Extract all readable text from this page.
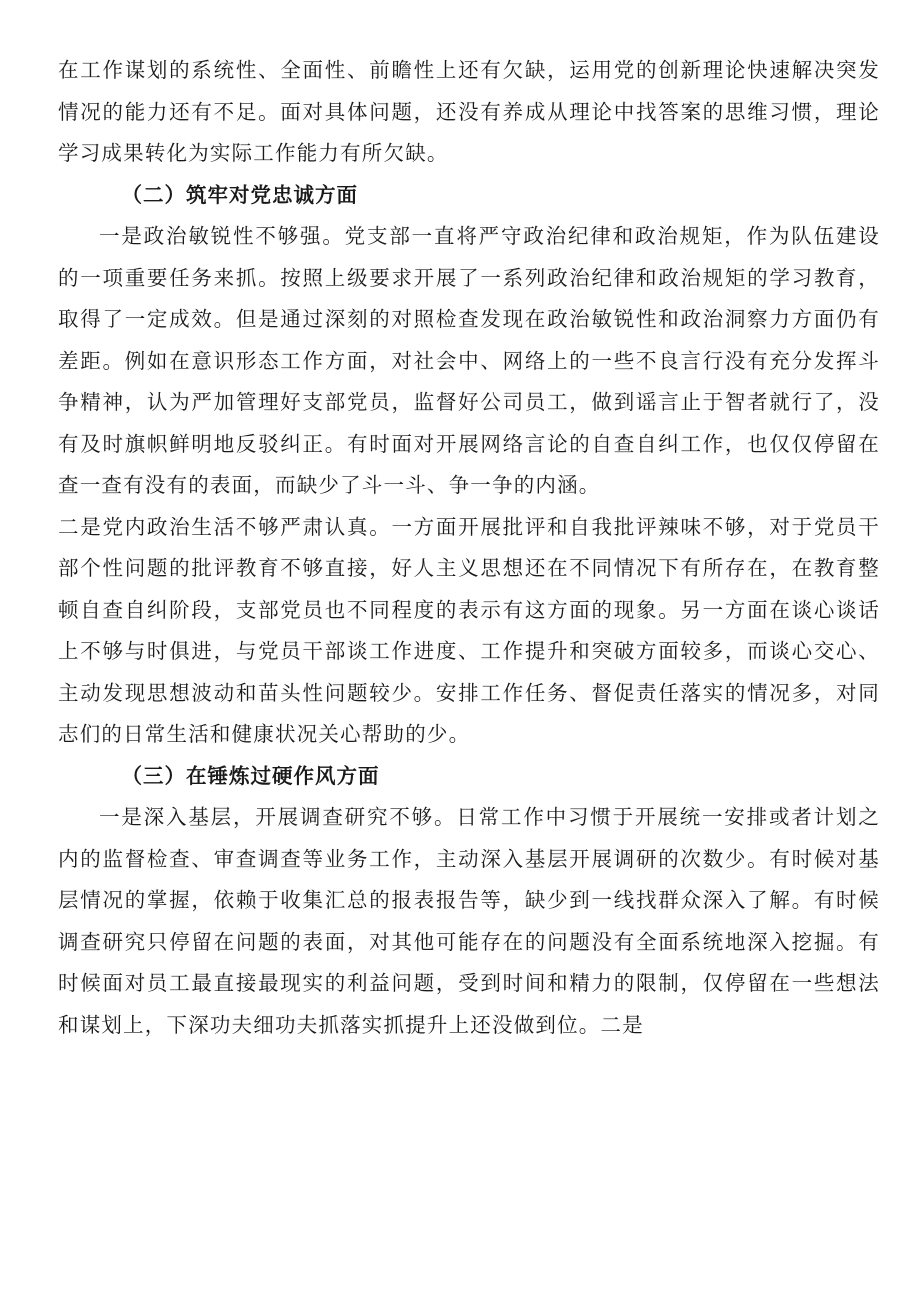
在工作谋划的系统性、全面性、前瞻性上还有欠缺，运用党的创新理论快速解决突发情况的能力还有不足。面对具体问题，还没有养成从理论中找答案的思维习惯，理论学习成果转化为实际工作能力有所欠缺。

（二）筑牢对党忠诚方面

一是政治敏锐性不够强。党支部一直将严守政治纪律和政治规矩，作为队伍建设的一项重要任务来抓。按照上级要求开展了一系列政治纪律和政治规矩的学习教育，取得了一定成效。但是通过深刻的对照检查发现在政治敏锐性和政治洞察力方面仍有差距。例如在意识形态工作方面，对社会中、网络上的一些不良言行没有充分发挥斗争精神，认为严加管理好支部党员，监督好公司员工，做到谣言止于智者就行了，没有及时旗帜鲜明地反驳纠正。有时面对开展网络言论的自查自纠工作，也仅仅停留在查一查有没有的表面，而缺少了斗一斗、争一争的内涵。

二是党内政治生活不够严肃认真。一方面开展批评和自我批评辣味不够，对于党员干部个性问题的批评教育不够直接，好人主义思想还在不同情况下有所存在，在教育整顿自查自纠阶段，支部党员也不同程度的表示有这方面的现象。另一方面在谈心谈话上不够与时俱进，与党员干部谈工作进度、工作提升和突破方面较多，而谈心交心、主动发现思想波动和苗头性问题较少。安排工作任务、督促责任落实的情况多，对同志们的日常生活和健康状况关心帮助的少。

（三）在锤炼过硬作风方面

一是深入基层，开展调查研究不够。日常工作中习惯于开展统一安排或者计划之内的监督检查、审查调查等业务工作，主动深入基层开展调研的次数少。有时候对基层情况的掌握，依赖于收集汇总的报表报告等，缺少到一线找群众深入了解。有时候调查研究只停留在问题的表面，对其他可能存在的问题没有全面系统地深入挖掘。有时候面对员工最直接最现实的利益问题，受到时间和精力的限制，仅停留在一些想法和谋划上，下深功夫细功夫抓落实抓提升上还没做到位。二是
